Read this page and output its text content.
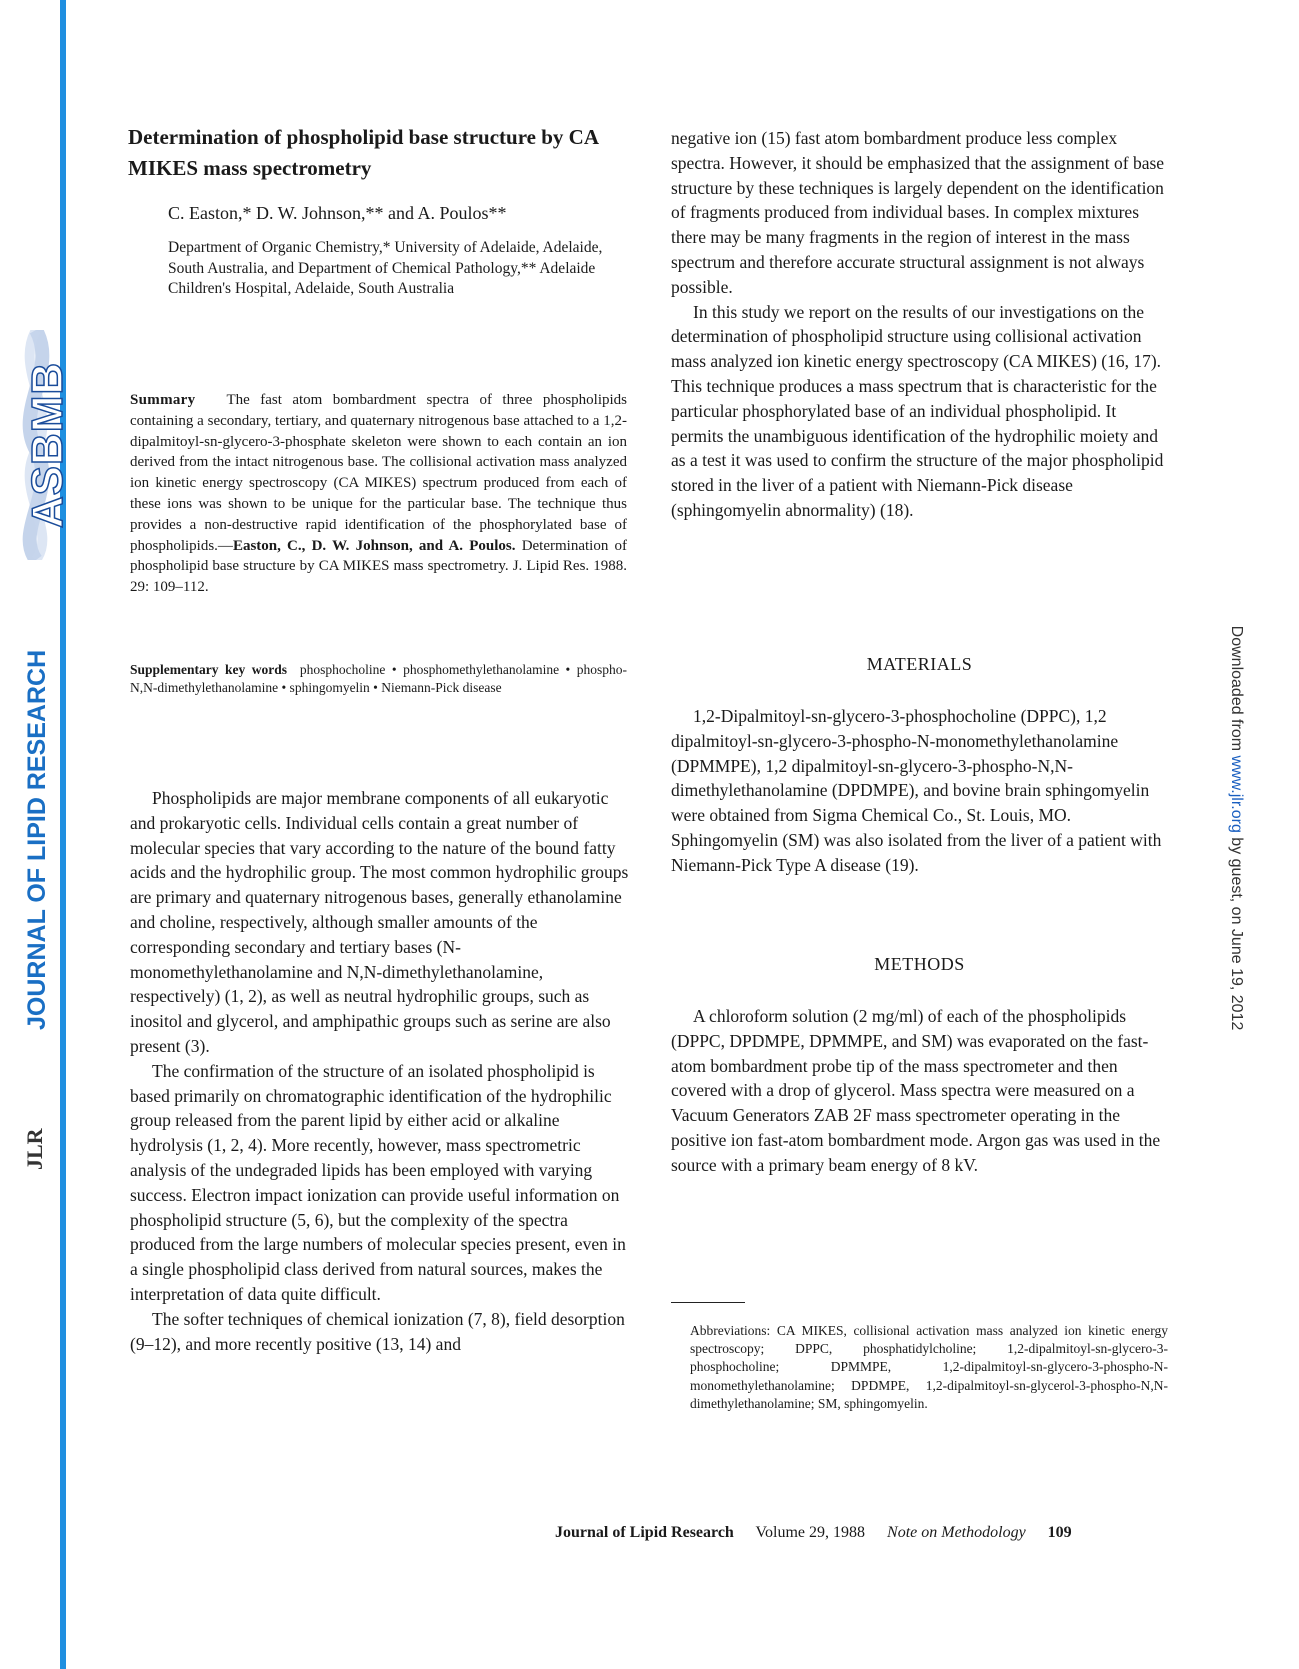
ASBMB
JOURNAL OF LIPID RESEARCH
JLR
Downloaded from www.jlr.org by guest, on June 19, 2012
Determination of phospholipid base structure by CA MIKES mass spectrometry
C. Easton,* D. W. Johnson,** and A. Poulos**
Department of Organic Chemistry,* University of Adelaide, Adelaide, South Australia, and Department of Chemical Pathology,** Adelaide Children's Hospital, Adelaide, South Australia
Summary The fast atom bombardment spectra of three phospholipids containing a secondary, tertiary, and quaternary nitrogenous base attached to a 1,2-dipalmitoyl-sn-glycero-3-phosphate skeleton were shown to each contain an ion derived from the intact nitrogenous base. The collisional activation mass analyzed ion kinetic energy spectroscopy (CA MIKES) spectrum produced from each of these ions was shown to be unique for the particular base. The technique thus provides a non-destructive rapid identification of the phosphorylated base of phospholipids.—Easton, C., D. W. Johnson, and A. Poulos. Determination of phospholipid base structure by CA MIKES mass spectrometry. J. Lipid Res. 1988. 29: 109–112.
Supplementary key words phosphocholine • phosphomethylethanolamine • phospho-N,N-dimethylethanolamine • sphingomyelin • Niemann-Pick disease

Phospholipids are major membrane components of all eukaryotic and prokaryotic cells. Individual cells contain a great number of molecular species that vary according to the nature of the bound fatty acids and the hydrophilic group. The most common hydrophilic groups are primary and quaternary nitrogenous bases, generally ethanolamine and choline, respectively, although smaller amounts of the corresponding secondary and tertiary bases (N-monomethylethanolamine and N,N-dimethylethanolamine, respectively) (1, 2), as well as neutral hydrophilic groups, such as inositol and glycerol, and amphipathic groups such as serine are also present (3).

The confirmation of the structure of an isolated phospholipid is based primarily on chromatographic identification of the hydrophilic group released from the parent lipid by either acid or alkaline hydrolysis (1, 2, 4). More recently, however, mass spectrometric analysis of the undegraded lipids has been employed with varying success. Electron impact ionization can provide useful information on phospholipid structure (5, 6), but the complexity of the spectra produced from the large numbers of molecular species present, even in a single phospholipid class derived from natural sources, makes the interpretation of data quite difficult.

The softer techniques of chemical ionization (7, 8), field desorption (9–12), and more recently positive (13, 14) and

negative ion (15) fast atom bombardment produce less complex spectra. However, it should be emphasized that the assignment of base structure by these techniques is largely dependent on the identification of fragments produced from individual bases. In complex mixtures there may be many fragments in the region of interest in the mass spectrum and therefore accurate structural assignment is not always possible.

In this study we report on the results of our investigations on the determination of phospholipid structure using collisional activation mass analyzed ion kinetic energy spectroscopy (CA MIKES) (16, 17). This technique produces a mass spectrum that is characteristic for the particular phosphorylated base of an individual phospholipid. It permits the unambiguous identification of the hydrophilic moiety and as a test it was used to confirm the structure of the major phospholipid stored in the liver of a patient with Niemann-Pick disease (sphingomyelin abnormality) (18).

MATERIALS

1,2-Dipalmitoyl-sn-glycero-3-phosphocholine (DPPC), 1,2 dipalmitoyl-sn-glycero-3-phospho-N-monomethylethanolamine (DPMMPE), 1,2 dipalmitoyl-sn-glycero-3-phospho-N,N-dimethylethanolamine (DPDMPE), and bovine brain sphingomyelin were obtained from Sigma Chemical Co., St. Louis, MO. Sphingomyelin (SM) was also isolated from the liver of a patient with Niemann-Pick Type A disease (19).

METHODS

A chloroform solution (2 mg/ml) of each of the phospholipids (DPPC, DPDMPE, DPMMPE, and SM) was evaporated on the fast-atom bombardment probe tip of the mass spectrometer and then covered with a drop of glycerol. Mass spectra were measured on a Vacuum Generators ZAB 2F mass spectrometer operating in the positive ion fast-atom bombardment mode. Argon gas was used in the source with a primary beam energy of 8 kV.

Abbreviations: CA MIKES, collisional activation mass analyzed ion kinetic energy spectroscopy; DPPC, phosphatidylcholine; 1,2-dipalmitoyl-sn-glycero-3-phosphocholine; DPMMPE, 1,2-dipalmitoyl-sn-glycero-3-phospho-N-monomethylethanolamine; DPDMPE, 1,2-dipalmitoyl-sn-glycerol-3-phospho-N,N-dimethylethanolamine; SM, sphingomyelin.
Journal of Lipid Research Volume 29, 1988 Note on Methodology 109
